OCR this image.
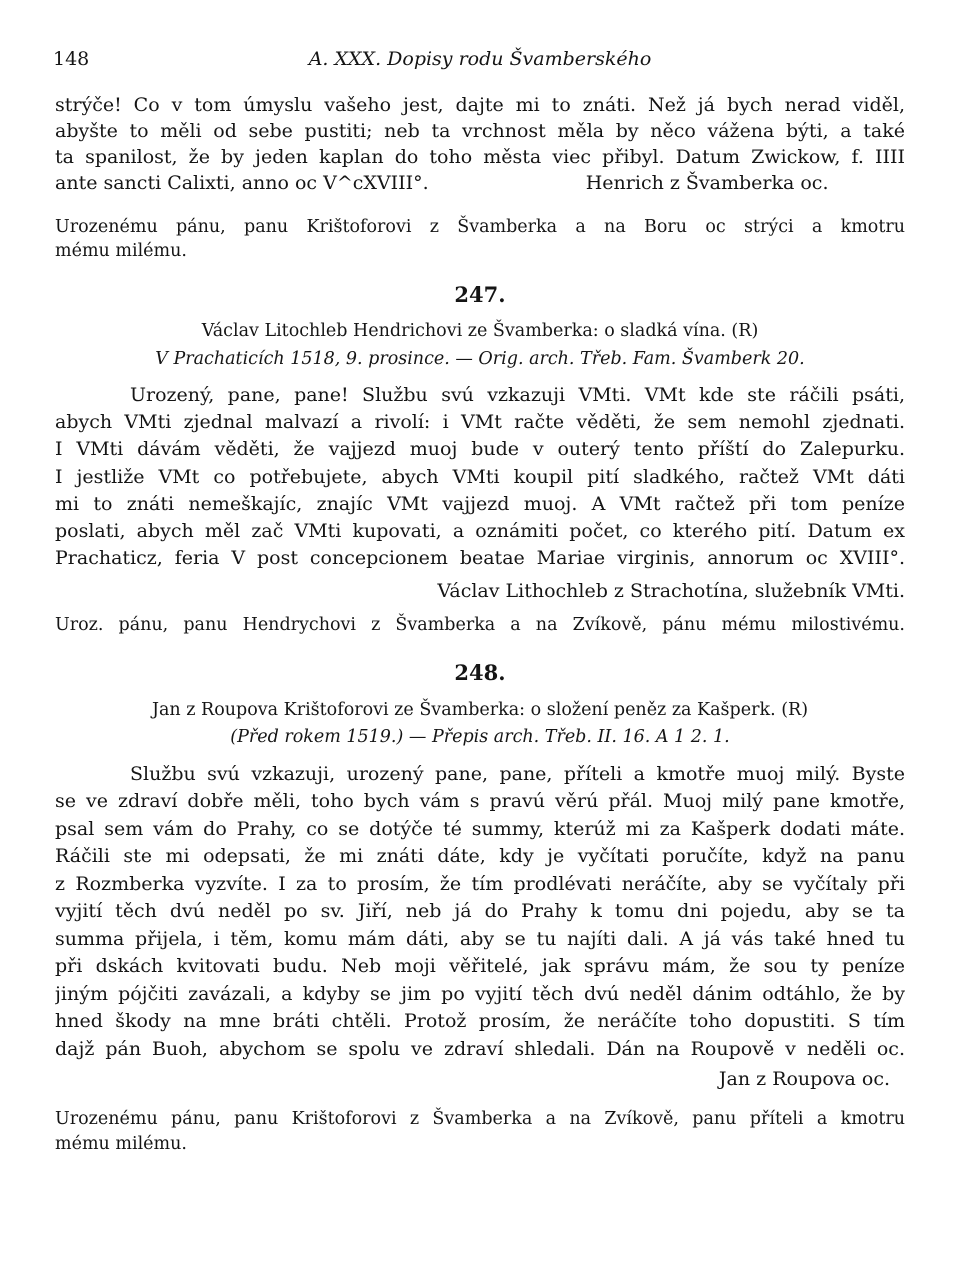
148	A. XXX. Dopisy rodu Švamberského
strýče! Co v tom úmyslu vašeho jest, dajte mi to znáti. Než já bych nerad viděl,
abyšte to měli od sebe pustiti; neb ta vrchnost měla by něco vážena býti, a také
ta spanilost, že by jeden kaplan do toho města viec přibyl. Datum Zwickow, f. IIII
ante sancti Calixti, anno oc V^cXVIII°.                          Henrich z Švamberka oc.
Urozenému pánu, panu Krištoforovi z Švamberka a na Boru oc strýci a kmotru
mému milému.
247.
Václav Litochleb Hendrichovi ze Švamberka: o sladká vína. (R)
V Prachaticích 1518, 9. prosince. — Orig. arch. Třeb. Fam. Švamberk 20.
Urozený, pane, pane! Službu svú vzkazuji VMti. VMt kde ste ráčili psáti,
abych VMti zjednal malvazí a rivolí: i VMt račte věděti, že sem nemohl zjednati.
I VMti dávám věděti, že vajjezd muoj bude v outerý tento příští do Zalepurku.
I jestliže VMt co potřebujete, abych VMti koupil pití sladkého, račtež VMt dáti
mi to znáti nemeškajíc, znajíc VMt vajjezd muoj. A VMt račtež při tom peníze
poslati, abych měl zač VMti kupovati, a oznámiti počet, co kterého pití. Datum ex
Prachaticz, feria V post concepcionem beatae Mariae virginis, annorum oc XVIII°.
Václav Lithochleb z Strachotína, služebník VMti.
Uroz. pánu, panu Hendrychovi z Švamberka a na Zvíkově, pánu mému milostivému.
248.
Jan z Roupova Krištoforovi ze Švamberka: o složení peněz za Kašperk. (R)
(Před rokem 1519.) — Přepis arch. Třeb. II. 16. A 1 2. 1.
Službu svú vzkazuji, urozený pane, pane, příteli a kmotře muoj milý. Byste
se ve zdraví dobře měli, toho bych vám s pravú věrú přál. Muoj milý pane kmotře,
psal sem vám do Prahy, co se dotýče té summy, kterúž mi za Kašperk dodati máte.
Ráčili ste mi odepsati, že mi znáti dáte, kdy je vyčítati poručíte, když na panu
z Rozmberka vyzvíte. I za to prosím, že tím prodlévati neráčíte, aby se vyčítaly při
vyjití těch dvú neděl po sv. Jiří, neb já do Prahy k tomu dni pojedu, aby se ta
summa přijela, i těm, komu mám dáti, aby se tu najíti dali. A já vás také hned tu
při dskách kvitovati budu. Neb moji věřitelé, jak správu mám, že sou ty peníze
jiným pójčiti zavázali, a kdyby se jim po vyjití těch dvú neděl dánim odtáhlo, že by
hned škody na mne bráti chtěli. Protož prosím, že neráčíte toho dopustiti. S tím
dajž pán Buoh, abychom se spolu ve zdraví shledali. Dán na Roupově v neděli oc.
Jan z Roupova oc.
Urozenému pánu, panu Krištoforovi z Švamberka a na Zvíkově, panu příteli a kmotru
mému milému.
